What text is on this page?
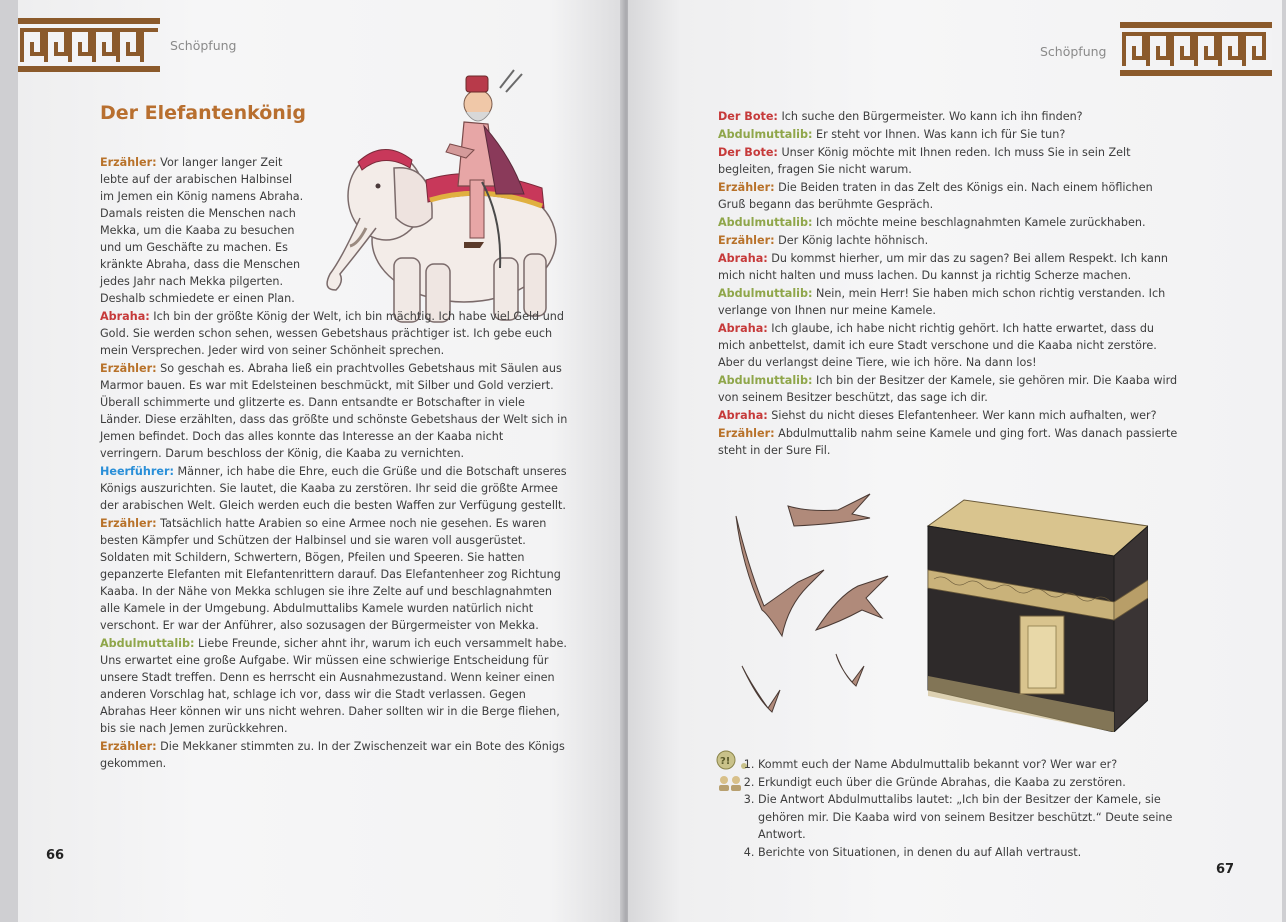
Schöpfung
Der Elefantenkönig

Erzähler: Vor langer langer Zeit lebte auf der arabischen Halbinsel im Jemen ein König namens Abraha. Damals reisten die Menschen nach Mekka, um die Kaaba zu besuchen und um Geschäfte zu machen. Es kränkte Abraha, dass die Menschen jedes Jahr nach Mekka pilgerten. Deshalb schmiedete er einen Plan.

Abraha: Ich bin der größte König der Welt, ich bin mächtig. Ich habe viel Geld und Gold. Sie werden schon sehen, wessen Gebetshaus prächtiger ist. Ich gebe euch mein Versprechen. Jeder wird von seiner Schönheit sprechen.

Erzähler: So geschah es. Abraha ließ ein prachtvolles Gebetshaus mit Säulen aus Marmor bauen. Es war mit Edelsteinen beschmückt, mit Silber und Gold verziert. Überall schimmerte und glitzerte es. Dann entsandte er Botschafter in viele Länder. Diese erzählten, dass das größte und schönste Gebetshaus der Welt sich in Jemen befindet. Doch das alles konnte das Interesse an der Kaaba nicht verringern. Darum beschloss der König, die Kaaba zu vernichten.

Heerführer: Männer, ich habe die Ehre, euch die Grüße und die Botschaft unseres Königs auszurichten. Sie lautet, die Kaaba zu zerstören. Ihr seid die größte Armee der arabischen Welt. Gleich werden euch die besten Waffen zur Verfügung gestellt.

Erzähler: Tatsächlich hatte Arabien so eine Armee noch nie gesehen. Es waren besten Kämpfer und Schützen der Halbinsel und sie waren voll ausgerüstet. Soldaten mit Schildern, Schwertern, Bögen, Pfeilen und Speeren. Sie hatten gepanzerte Elefanten mit Elefantenrittern darauf. Das Elefantenheer zog Richtung Kaaba. In der Nähe von Mekka schlugen sie ihre Zelte auf und beschlagnahmten alle Kamele in der Umgebung. Abdulmuttalibs Kamele wurden natürlich nicht verschont. Er war der Anführer, also sozusagen der Bürgermeister von Mekka.

Abdulmuttalib: Liebe Freunde, sicher ahnt ihr, warum ich euch versammelt habe. Uns erwartet eine große Aufgabe. Wir müssen eine schwierige Entscheidung für unsere Stadt treffen. Denn es herrscht ein Ausnahmezustand. Wenn keiner einen anderen Vorschlag hat, schlage ich vor, dass wir die Stadt verlassen. Gegen Abrahas Heer können wir uns nicht wehren. Daher sollten wir in die Berge fliehen, bis sie nach Jemen zurückkehren.

Erzähler: Die Mekkaner stimmten zu. In der Zwischenzeit war ein Bote des Königs gekommen.

66
Schöpfung

Der Bote: Ich suche den Bürgermeister. Wo kann ich ihn finden?

Abdulmuttalib: Er steht vor Ihnen. Was kann ich für Sie tun?

Der Bote: Unser König möchte mit Ihnen reden. Ich muss Sie in sein Zelt begleiten, fragen Sie nicht warum.

Erzähler: Die Beiden traten in das Zelt des Königs ein. Nach einem höflichen Gruß begann das berühmte Gespräch.

Abdulmuttalib: Ich möchte meine beschlagnahmten Kamele zurückhaben.

Erzähler: Der König lachte höhnisch.

Abraha: Du kommst hierher, um mir das zu sagen? Bei allem Respekt. Ich kann mich nicht halten und muss lachen. Du kannst ja richtig Scherze machen.

Abdulmuttalib: Nein, mein Herr! Sie haben mich schon richtig verstanden. Ich verlange von Ihnen nur meine Kamele.

Abraha: Ich glaube, ich habe nicht richtig gehört. Ich hatte erwartet, dass du mich anbettelst, damit ich eure Stadt verschone und die Kaaba nicht zerstöre. Aber du verlangst deine Tiere, wie ich höre. Na dann los!

Abdulmuttalib: Ich bin der Besitzer der Kamele, sie gehören mir. Die Kaaba wird von seinem Besitzer beschützt, das sage ich dir.

Abraha: Siehst du nicht dieses Elefantenheer. Wer kann mich aufhalten, wer?

Erzähler: Abdulmuttalib nahm seine Kamele und ging fort. Was danach passierte steht in der Sure Fil.

?!
1. Kommt euch der Name Abdulmuttalib bekannt vor? Wer war er?
2. Erkundigt euch über die Gründe Abrahas, die Kaaba zu zerstören.
3. Die Antwort Abdulmuttalibs lautet: „Ich bin der Besitzer der Kamele, sie gehören mir. Die Kaaba wird von seinem Besitzer beschützt.“ Deute seine Antwort.
4. Berichte von Situationen, in denen du auf Allah vertraust.
67
